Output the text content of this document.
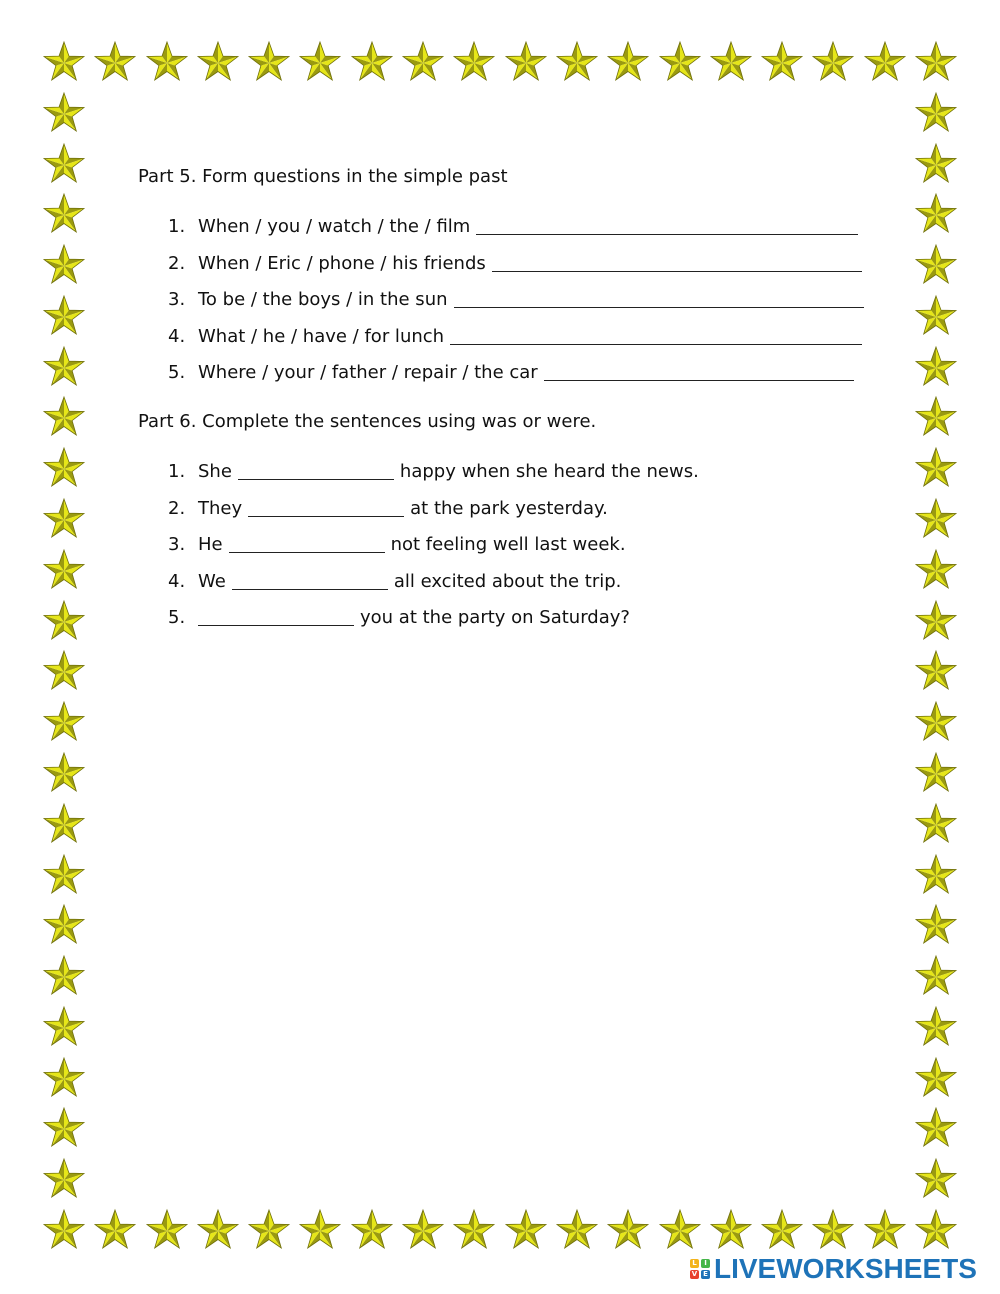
Part 5. Form questions in the simple past
1. When / you / watch / the / film
2. When / Eric / phone / his friends
3. To be / the boys / in the sun
4. What / he / have / for lunch
5. Where / your / father / repair / the car
Part 6. Complete the sentences using was or were.
1. She	happy when she heard the news.
2. They	at the park yesterday.
3. He	not feeling well last week.
4. We	all excited about the trip.
5.	you at the party on Saturday?
L	I
V E LIVEWORKSHEETS
